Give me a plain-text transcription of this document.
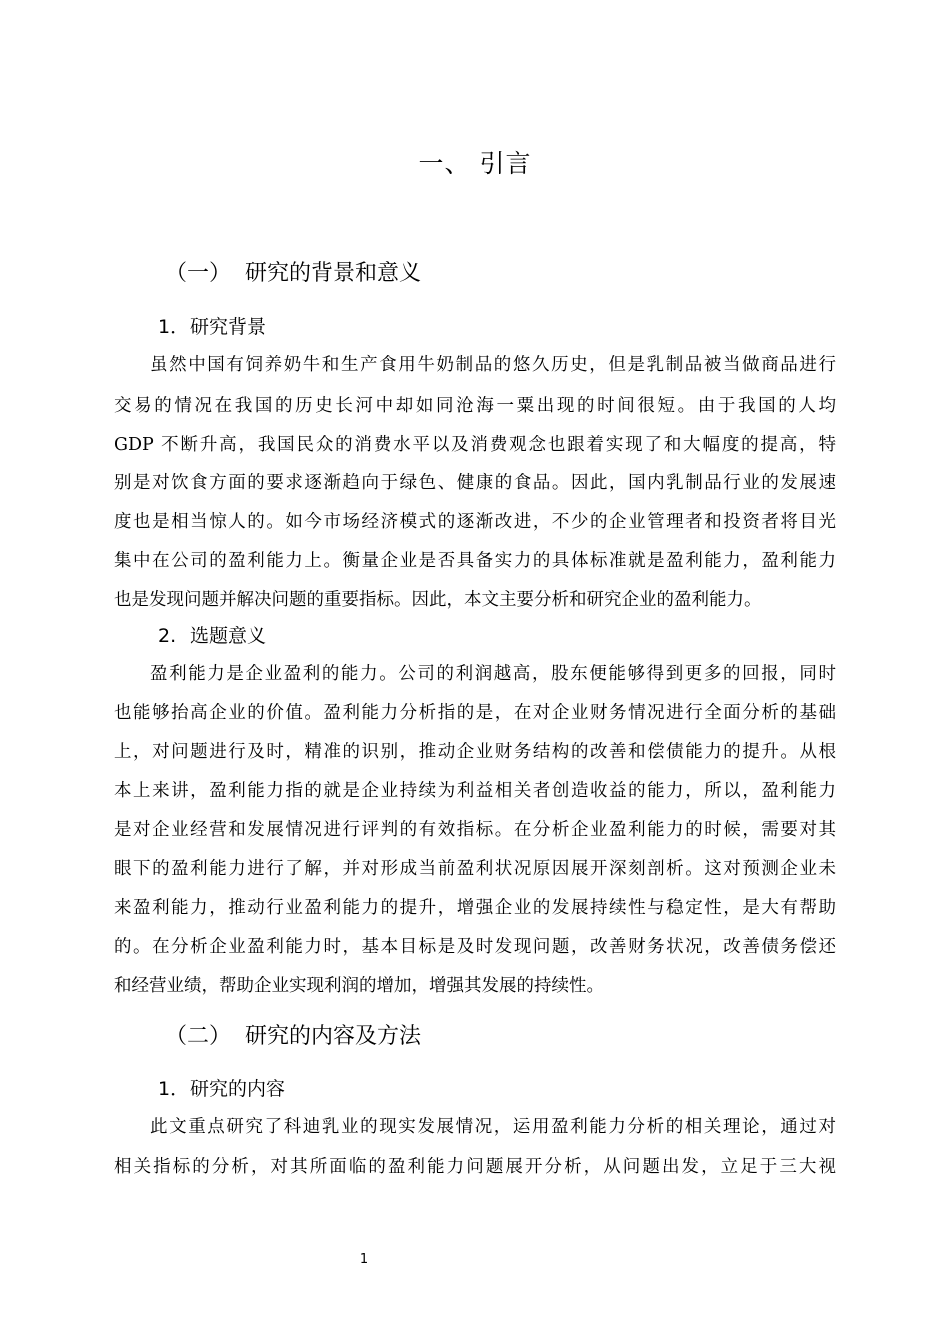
一、 引言
（一） 研究的背景和意义
1．研究背景
虽然中国有饲养奶牛和生产食用牛奶制品的悠久历史，但是乳制品被当做商品进行
交易的情况在我国的历史长河中却如同沧海一粟出现的时间很短。由于我国的人均
GDP 不断升高，我国民众的消费水平以及消费观念也跟着实现了和大幅度的提高，特
别是对饮食方面的要求逐渐趋向于绿色、健康的食品。因此，国内乳制品行业的发展速
度也是相当惊人的。如今市场经济模式的逐渐改进，不少的企业管理者和投资者将目光
集中在公司的盈利能力上。衡量企业是否具备实力的具体标准就是盈利能力，盈利能力
也是发现问题并解决问题的重要指标。因此，本文主要分析和研究企业的盈利能力。
2. 选题意义
盈利能力是企业盈利的能力。公司的利润越高，股东便能够得到更多的回报，同时
也能够抬高企业的价值。盈利能力分析指的是，在对企业财务情况进行全面分析的基础
上，对问题进行及时，精准的识别，推动企业财务结构的改善和偿债能力的提升。从根
本上来讲，盈利能力指的就是企业持续为利益相关者创造收益的能力，所以，盈利能力
是对企业经营和发展情况进行评判的有效指标。在分析企业盈利能力的时候，需要对其
眼下的盈利能力进行了解，并对形成当前盈利状况原因展开深刻剖析。这对预测企业未
来盈利能力，推动行业盈利能力的提升，增强企业的发展持续性与稳定性，是大有帮助
的。在分析企业盈利能力时，基本目标是及时发现问题，改善财务状况，改善债务偿还
和经营业绩，帮助企业实现利润的增加，增强其发展的持续性。
（二） 研究的内容及方法
1．研究的内容
此文重点研究了科迪乳业的现实发展情况，运用盈利能力分析的相关理论，通过对
相关指标的分析，对其所面临的盈利能力问题展开分析，从问题出发，立足于三大视
1
